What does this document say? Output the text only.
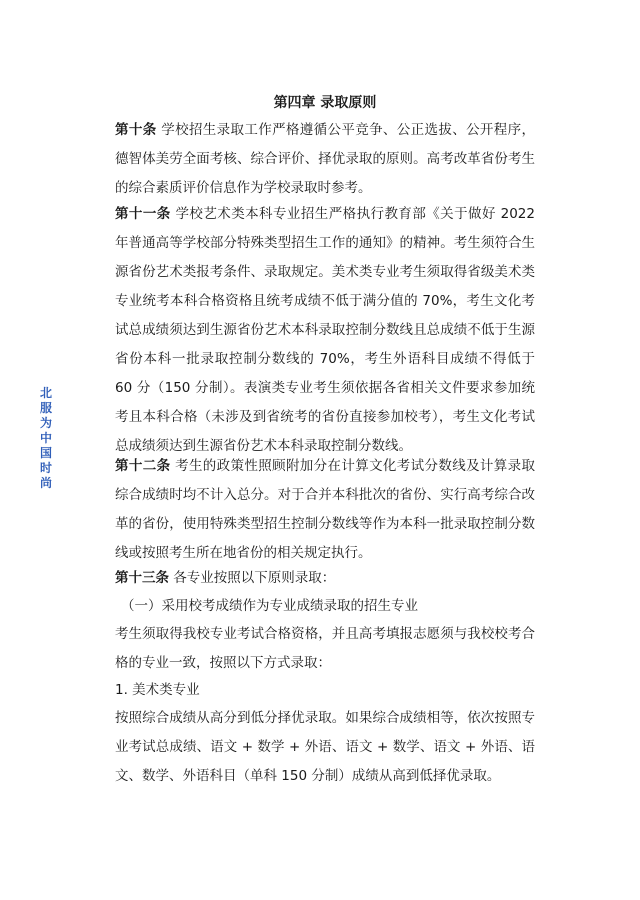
北服为中国时尚
第四章 录取原则

第十条 学校招生录取工作严格遵循公平竞争、公正选拔、公开程序，德智体美劳全面考核、综合评价、择优录取的原则。高考改革省份考生的综合素质评价信息作为学校录取时参考。

第十一条 学校艺术类本科专业招生严格执行教育部《关于做好 2022 年普通高等学校部分特殊类型招生工作的通知》的精神。考生须符合生源省份艺术类报考条件、录取规定。美术类专业考生须取得省级美术类专业统考本科合格资格且统考成绩不低于满分值的 70%，考生文化考试总成绩须达到生源省份艺术本科录取控制分数线且总成绩不低于生源省份本科一批录取控制分数线的 70%，考生外语科目成绩不得低于 60 分（150 分制）。表演类专业考生须依据各省相关文件要求参加统考且本科合格（未涉及到省统考的省份直接参加校考），考生文化考试总成绩须达到生源省份艺术本科录取控制分数线。

第十二条 考生的政策性照顾附加分在计算文化考试分数线及计算录取综合成绩时均不计入总分。对于合并本科批次的省份、实行高考综合改革的省份，使用特殊类型招生控制分数线等作为本科一批录取控制分数线或按照考生所在地省份的相关规定执行。

第十三条 各专业按照以下原则录取：

（一）采用校考成绩作为专业成绩录取的招生专业

考生须取得我校专业考试合格资格，并且高考填报志愿须与我校校考合格的专业一致，按照以下方式录取：

1. 美术类专业

按照综合成绩从高分到低分择优录取。如果综合成绩相等，依次按照专业考试总成绩、语文 + 数学 + 外语、语文 + 数学、语文 + 外语、语文、数学、外语科目（单科 150 分制）成绩从高到低择优录取。
